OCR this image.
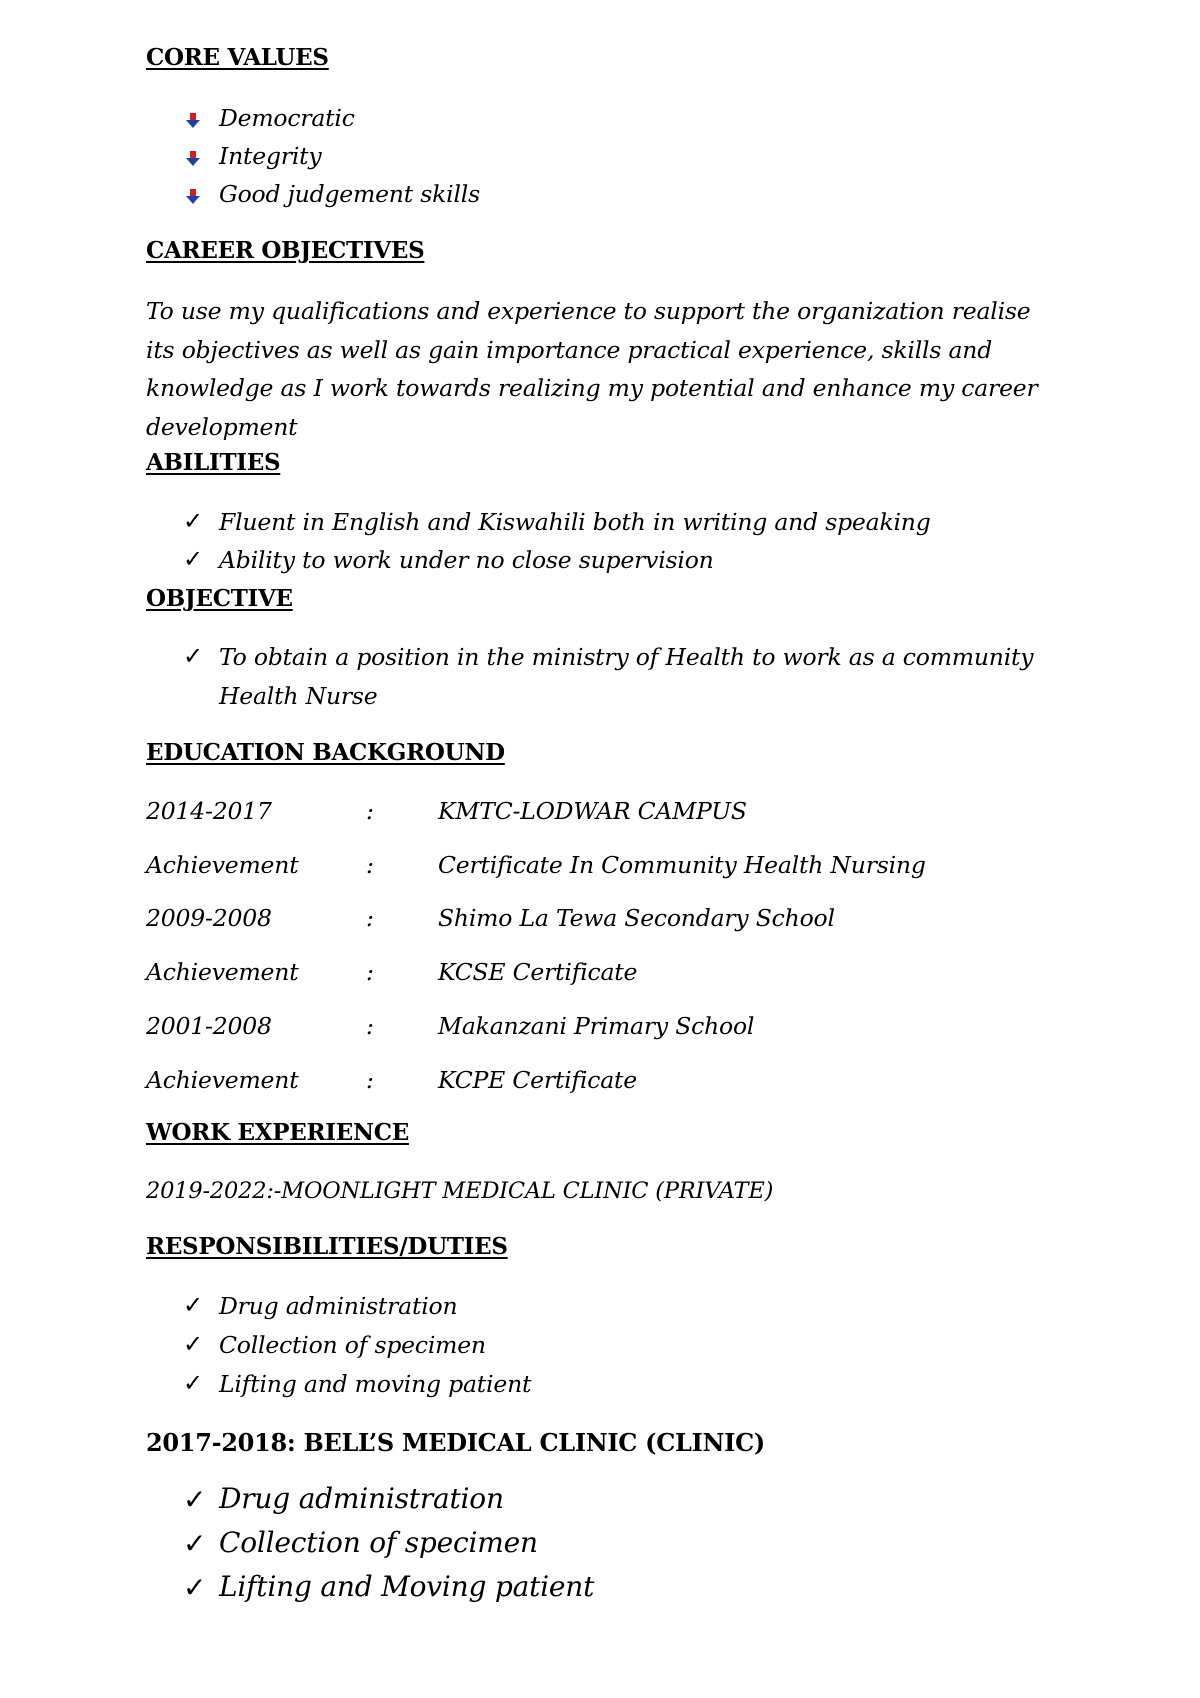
CORE VALUES
Democratic
Integrity
Good judgement skills
CAREER OBJECTIVES
To use my qualifications and experience to support the organization realise its objectives as well as gain importance practical experience, skills and knowledge as I work towards realizing my potential and enhance my career development
ABILITIES
✓ Fluent in English and Kiswahili both in writing and speaking
✓ Ability to work under no close supervision
OBJECTIVE
✓ To obtain a position in the ministry of Health to work as a community
Health Nurse
EDUCATION BACKGROUND
2014-2017	:	KMTC-LODWAR CAMPUS
Achievement	:	Certificate In Community Health Nursing
2009-2008	:	Shimo La Tewa Secondary School
Achievement	:	KCSE Certificate
2001-2008	:	Makanzani Primary School
Achievement	:	KCPE Certificate
WORK EXPERIENCE
2019-2022:-MOONLIGHT MEDICAL CLINIC (PRIVATE)
RESPONSIBILITIES/DUTIES
✓ Drug administration
✓ Collection of specimen
✓ Lifting and moving patient
2017-2018: BELL’S MEDICAL CLINIC (CLINIC)
✓ Drug administration
✓ Collection of specimen
✓ Lifting and Moving patient
